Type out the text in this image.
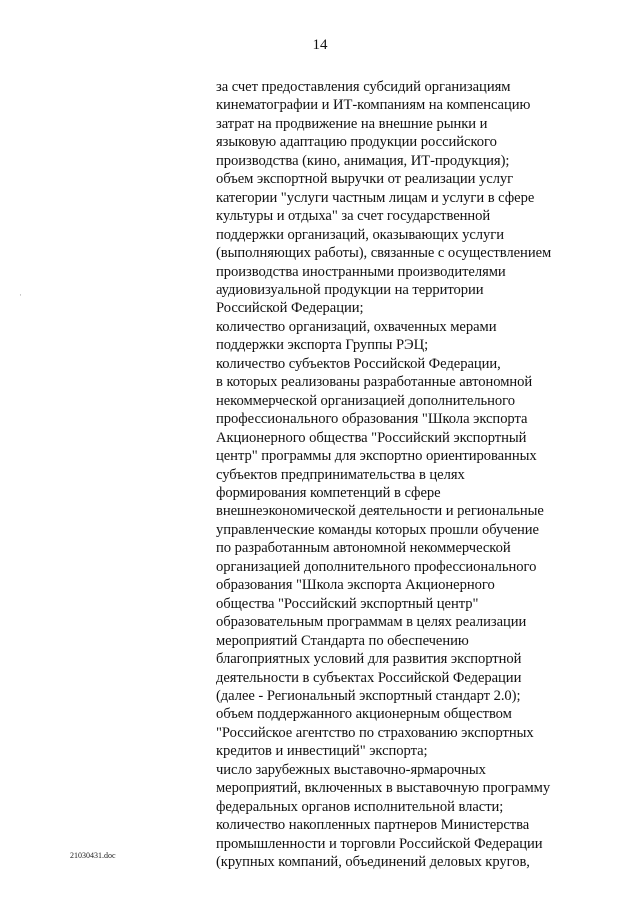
14
·
за счет предоставления субсидий организациям
кинематографии и ИТ-компаниям на компенсацию
затрат на продвижение на внешние рынки и
языковую адаптацию продукции российского
производства (кино, анимация, ИТ-продукция);
объем экспортной выручки от реализации услуг
категории "услуги частным лицам и услуги в сфере
культуры и отдыха" за счет государственной
поддержки организаций, оказывающих услуги
(выполняющих работы), связанные с осуществлением
производства иностранными производителями
аудиовизуальной продукции на территории
Российской Федерации;
количество организаций, охваченных мерами
поддержки экспорта Группы РЭЦ;
количество субъектов Российской Федерации,
в которых реализованы разработанные автономной
некоммерческой организацией дополнительного
профессионального образования "Школа экспорта
Акционерного общества "Российский экспортный
центр" программы для экспортно ориентированных
субъектов предпринимательства в целях
формирования компетенций в сфере
внешнеэкономической деятельности и региональные
управленческие команды которых прошли обучение
по разработанным автономной некоммерческой
организацией дополнительного профессионального
образования "Школа экспорта Акционерного
общества "Российский экспортный центр"
образовательным программам в целях реализации
мероприятий Стандарта по обеспечению
благоприятных условий для развития экспортной
деятельности в субъектах Российской Федерации
(далее - Региональный экспортный стандарт 2.0);
объем поддержанного акционерным обществом
"Российское агентство по страхованию экспортных
кредитов и инвестиций" экспорта;
число зарубежных выставочно-ярмарочных
мероприятий, включенных в выставочную программу
федеральных органов исполнительной власти;
количество накопленных партнеров Министерства
промышленности и торговли Российской Федерации
(крупных компаний, объединений деловых кругов,
21030431.doc
